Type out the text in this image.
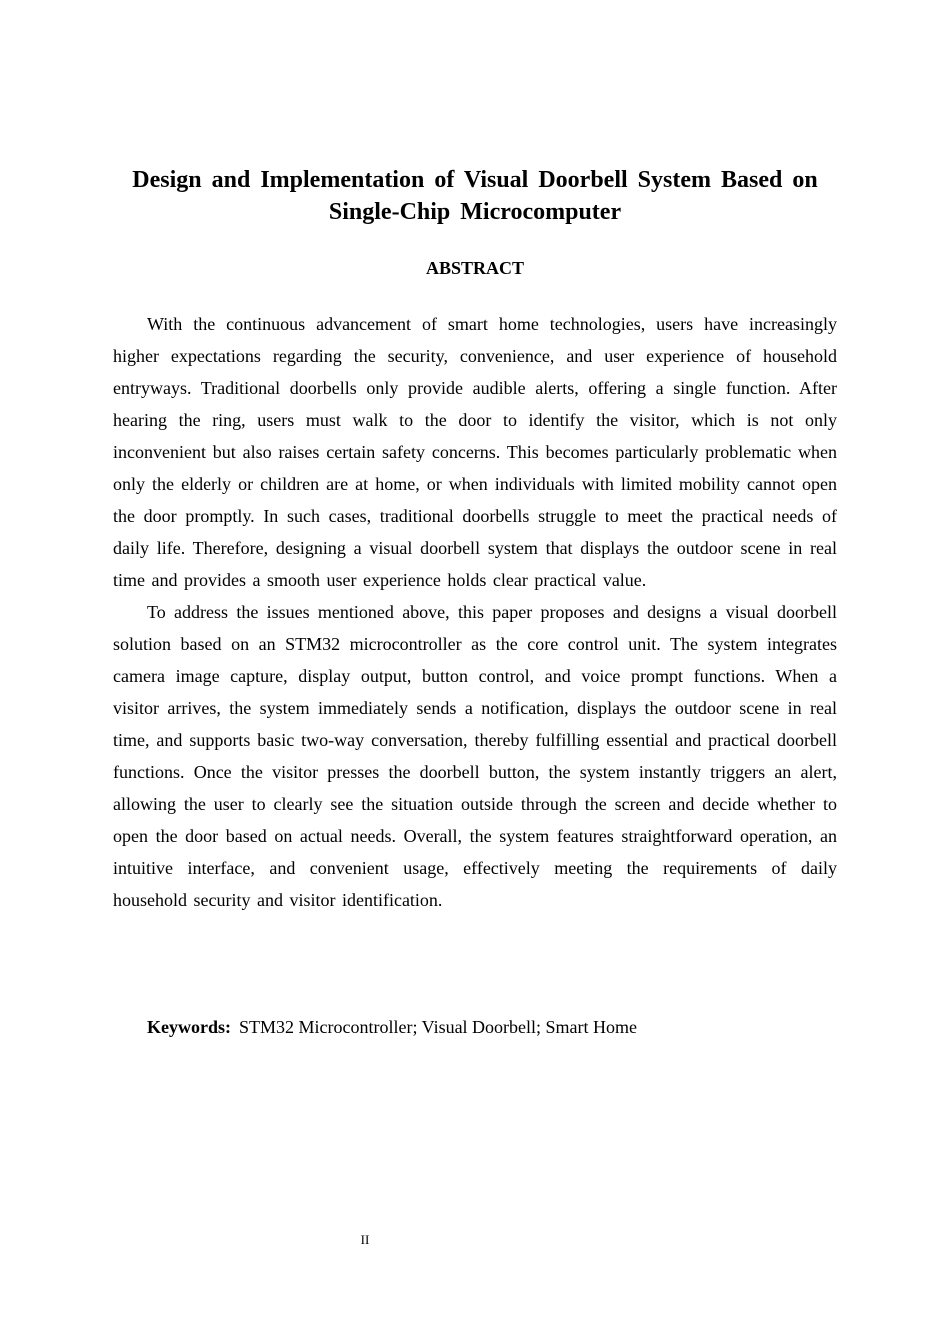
Design and Implementation of Visual Doorbell System Based on Single-Chip Microcomputer
ABSTRACT

With the continuous advancement of smart home technologies, users have increasingly higher expectations regarding the security, convenience, and user experience of household entryways. Traditional doorbells only provide audible alerts, offering a single function. After hearing the ring, users must walk to the door to identify the visitor, which is not only inconvenient but also raises certain safety concerns. This becomes particularly problematic when only the elderly or children are at home, or when individuals with limited mobility cannot open the door promptly. In such cases, traditional doorbells struggle to meet the practical needs of daily life. Therefore, designing a visual doorbell system that displays the outdoor scene in real time and provides a smooth user experience holds clear practical value.

To address the issues mentioned above, this paper proposes and designs a visual doorbell solution based on an STM32 microcontroller as the core control unit. The system integrates camera image capture, display output, button control, and voice prompt functions. When a visitor arrives, the system immediately sends a notification, displays the outdoor scene in real time, and supports basic two-way conversation, thereby fulfilling essential and practical doorbell functions. Once the visitor presses the doorbell button, the system instantly triggers an alert, allowing the user to clearly see the situation outside through the screen and decide whether to open the door based on actual needs. Overall, the system features straightforward operation, an intuitive interface, and convenient usage, effectively meeting the requirements of daily household security and visitor identification.

Keywords: STM32 Microcontroller; Visual Doorbell; Smart Home

II
